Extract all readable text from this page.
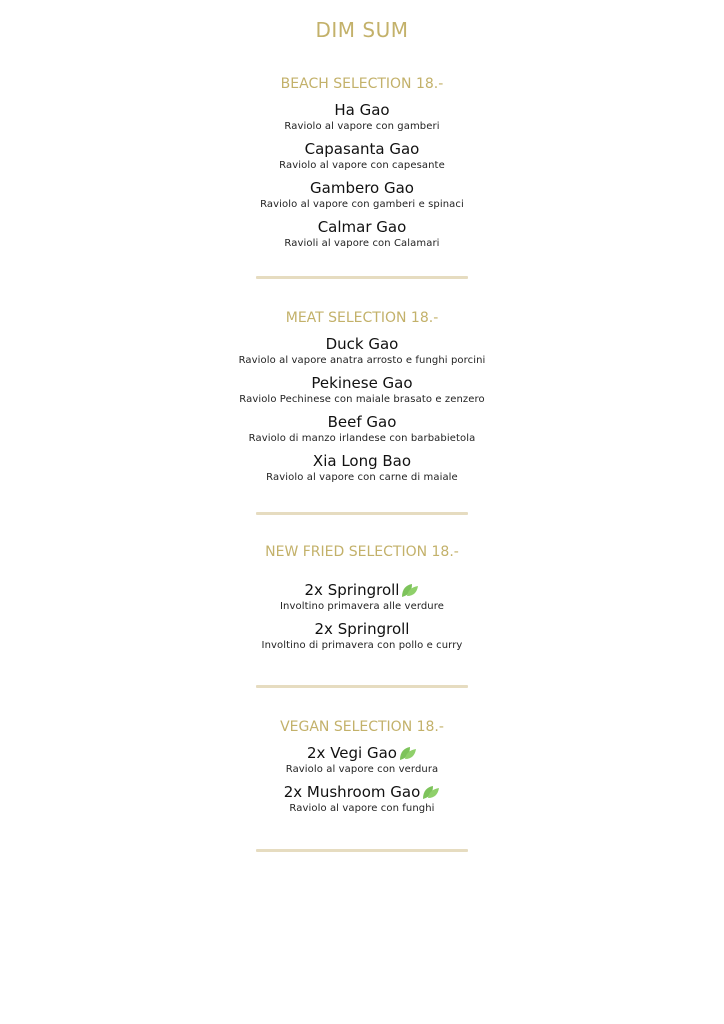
DIM SUM
BEACH SELECTION 18.-
Ha Gao
Raviolo al vapore con gamberi
Capasanta Gao
Raviolo al vapore con capesante
Gambero Gao
Raviolo al vapore con gamberi e spinaci
Calmar Gao
Ravioli al vapore con Calamari
MEAT SELECTION 18.-
Duck Gao
Raviolo al vapore anatra arrosto e funghi porcini
Pekinese Gao
Raviolo Pechinese con maiale brasato e zenzero
Beef Gao
Raviolo di manzo irlandese con barbabietola
Xia Long Bao
Raviolo al vapore con carne di maiale
NEW FRIED SELECTION 18.-
2x Springroll
Involtino primavera alle verdure
2x Springroll
Involtino di primavera con pollo e curry
VEGAN SELECTION 18.-
2x Vegi Gao
Raviolo al vapore con verdura
2x Mushroom Gao
Raviolo al vapore con funghi
